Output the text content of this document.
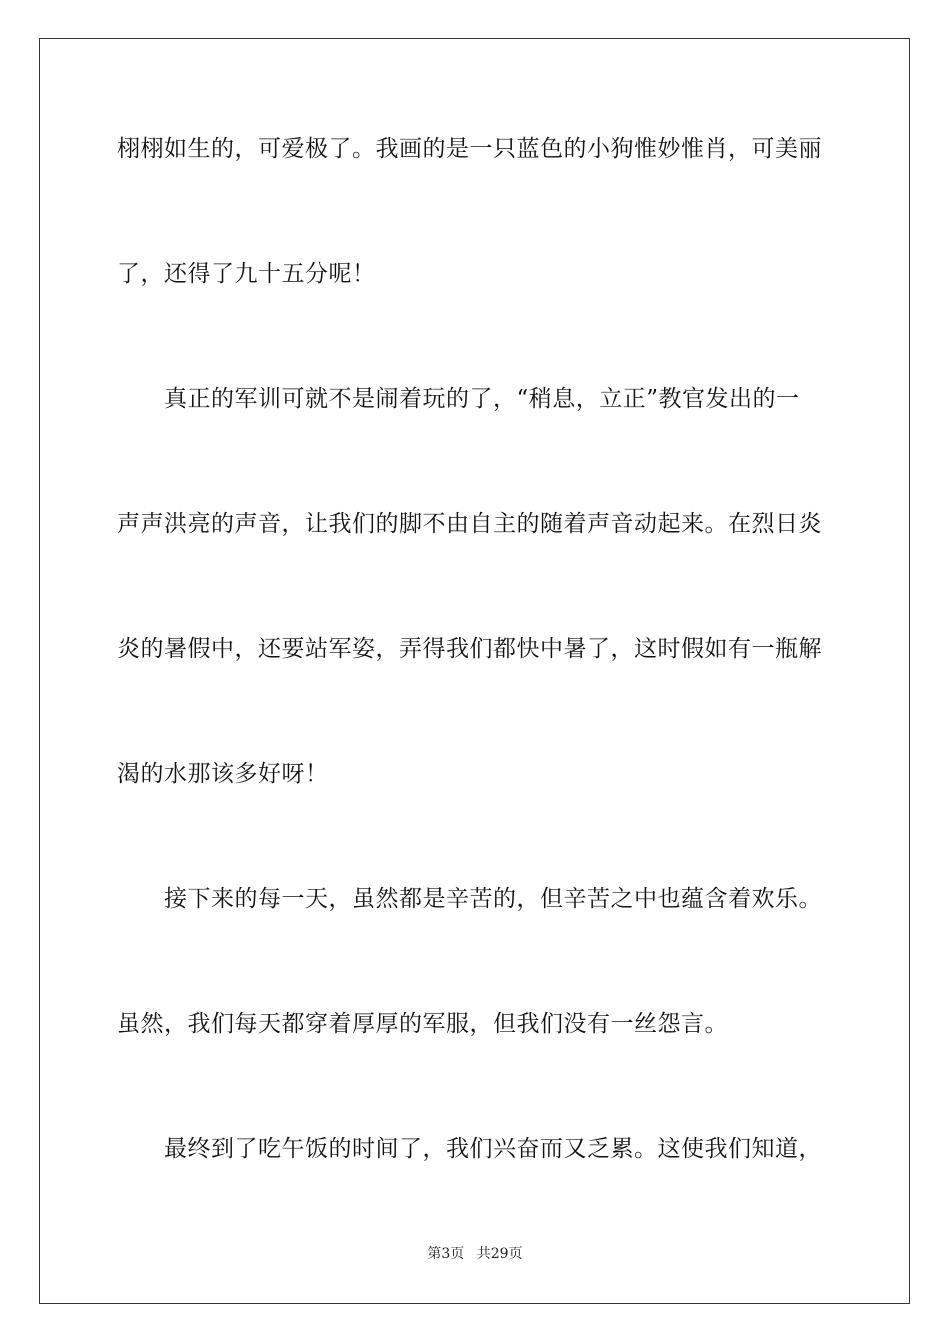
栩栩如生的，可爱极了。我画的是一只蓝色的小狗惟妙惟肖，可美丽
了，还得了九十五分呢！
真正的军训可就不是闹着玩的了，“稍息，立正”教官发出的一
声声洪亮的声音，让我们的脚不由自主的随着声音动起来。在烈日炎
炎的暑假中，还要站军姿，弄得我们都快中暑了，这时假如有一瓶解
渴的水那该多好呀！
接下来的每一天，虽然都是辛苦的，但辛苦之中也蕴含着欢乐。
虽然，我们每天都穿着厚厚的军服，但我们没有一丝怨言。
最终到了吃午饭的时间了，我们兴奋而又乏累。这使我们知道，
第3页 共29页
